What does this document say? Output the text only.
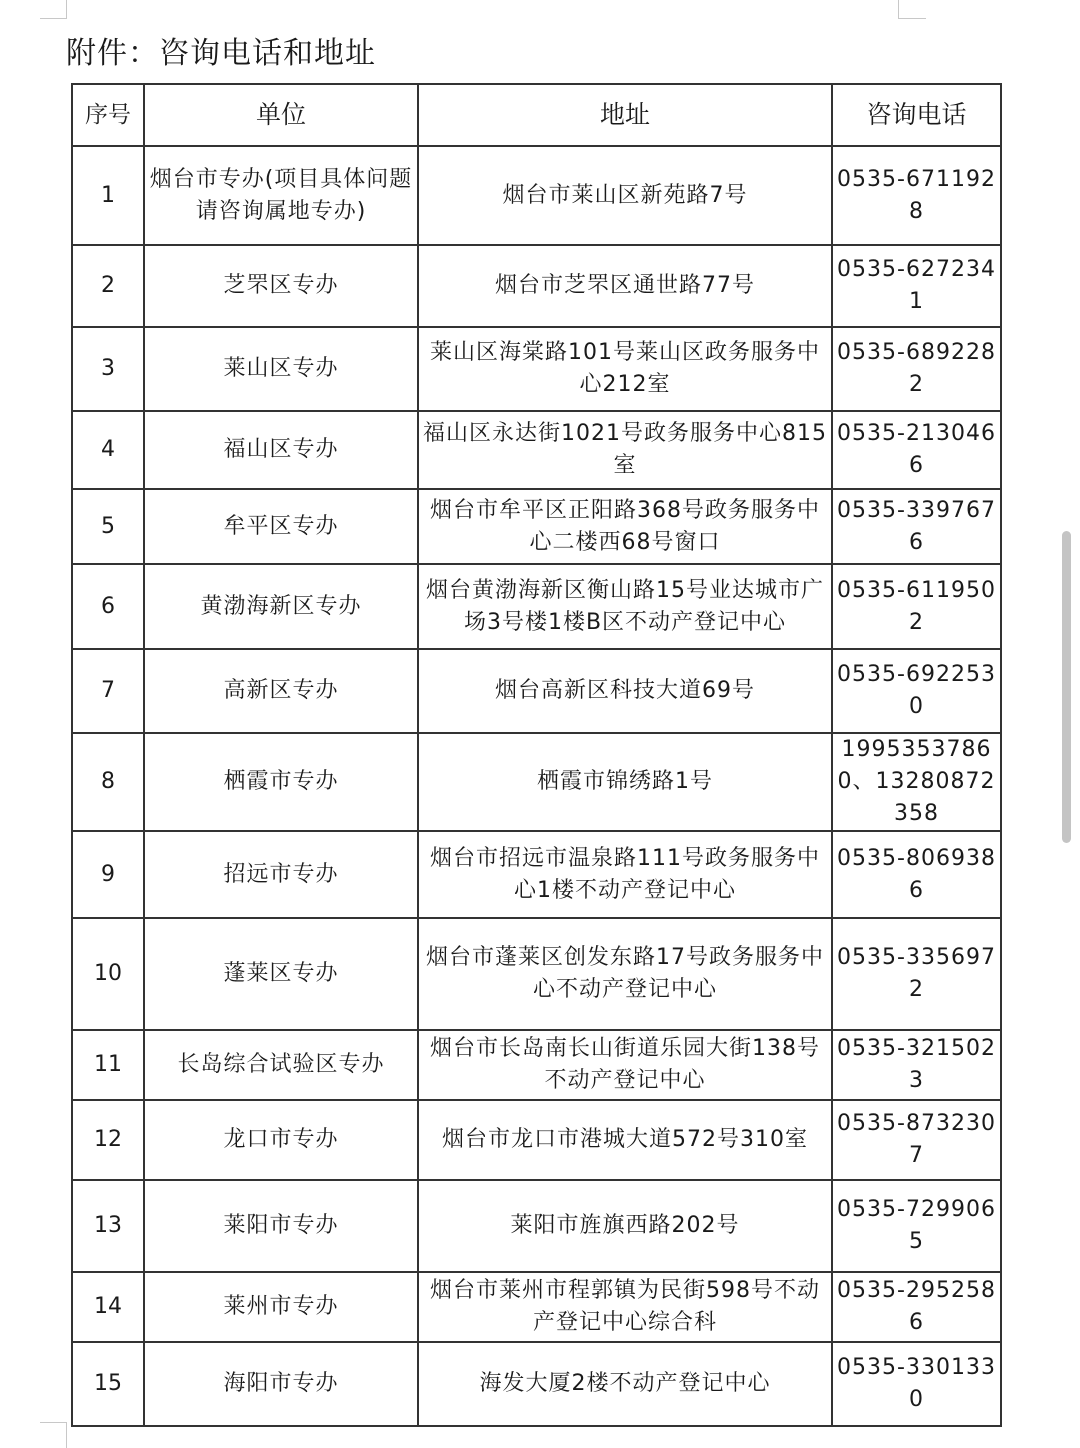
附件：咨询电话和地址
序号	单位	地址	咨询电话
1	烟台市专办(项目具体问题请咨询属地专办)	烟台市莱山区新苑路7号	0535-6711928
2	芝罘区专办	烟台市芝罘区通世路77号	0535-6272341
3	莱山区专办	莱山区海棠路101号莱山区政务服务中心212室	0535-6892282
4	福山区专办	福山区永达街1021号政务服务中心815室	0535-2130466
5	牟平区专办	烟台市牟平区正阳路368号政务服务中心二楼西68号窗口	0535-3397676
6	黄渤海新区专办	烟台黄渤海新区衡山路15号业达城市广场3号楼1楼B区不动产登记中心	0535-6119502
7	高新区专办	烟台高新区科技大道69号	0535-6922530
8	栖霞市专办	栖霞市锦绣路1号	19953537860、13280872358
9	招远市专办	烟台市招远市温泉路111号政务服务中心1楼不动产登记中心	0535-8069386
10	蓬莱区专办	烟台市蓬莱区创发东路17号政务服务中心不动产登记中心	0535-3356972
11	长岛综合试验区专办	烟台市长岛南长山街道乐园大街138号不动产登记中心	0535-3215023
12	龙口市专办	烟台市龙口市港城大道572号310室	0535-8732307
13	莱阳市专办	莱阳市旌旗西路202号	0535-7299065
14	莱州市专办	烟台市莱州市程郭镇为民街598号不动产登记中心综合科	0535-2952586
15	海阳市专办	海发大厦2楼不动产登记中心	0535-3301330
